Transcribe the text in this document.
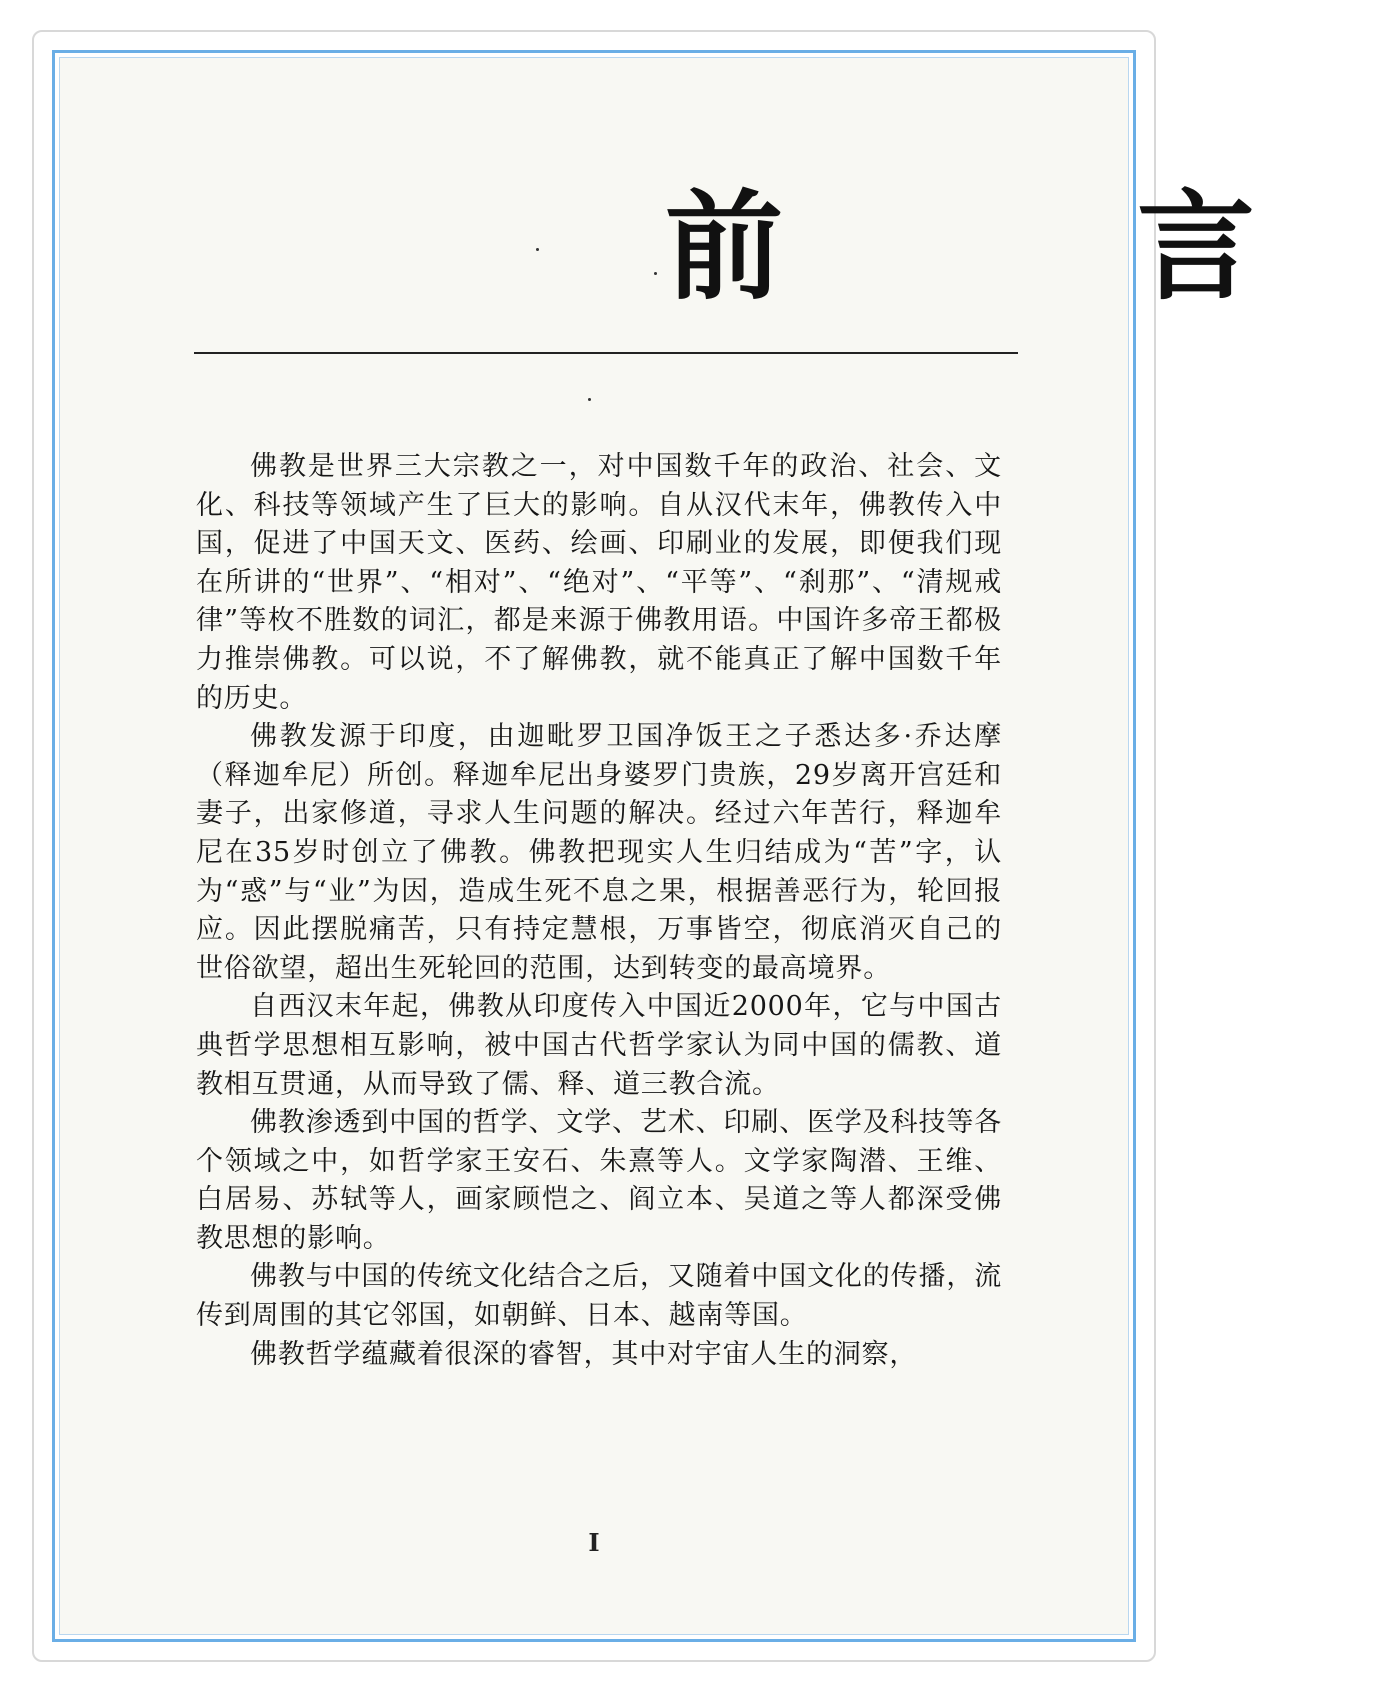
前　言

佛教是世界三大宗教之一，对中国数千年的政治、社会、文化、科技等领域产生了巨大的影响。自从汉代末年，佛教传入中国，促进了中国天文、医药、绘画、印刷业的发展，即便我们现在所讲的“世界”、“相对”、“绝对”、“平等”、“刹那”、“清规戒律”等枚不胜数的词汇，都是来源于佛教用语。中国许多帝王都极力推崇佛教。可以说，不了解佛教，就不能真正了解中国数千年的历史。

佛教发源于印度，由迦毗罗卫国净饭王之子悉达多·乔达摩（释迦牟尼）所创。释迦牟尼出身婆罗门贵族，29岁离开宫廷和妻子，出家修道，寻求人生问题的解决。经过六年苦行，释迦牟尼在35岁时创立了佛教。佛教把现实人生归结成为“苦”字，认为“惑”与“业”为因，造成生死不息之果，根据善恶行为，轮回报应。因此摆脱痛苦，只有持定慧根，万事皆空，彻底消灭自己的世俗欲望，超出生死轮回的范围，达到转变的最高境界。

自西汉末年起，佛教从印度传入中国近2000年，它与中国古典哲学思想相互影响，被中国古代哲学家认为同中国的儒教、道教相互贯通，从而导致了儒、释、道三教合流。

佛教渗透到中国的哲学、文学、艺术、印刷、医学及科技等各个领域之中，如哲学家王安石、朱熹等人。文学家陶潜、王维、白居易、苏轼等人，画家顾恺之、阎立本、吴道之等人都深受佛教思想的影响。

佛教与中国的传统文化结合之后，又随着中国文化的传播，流传到周围的其它邻国，如朝鲜、日本、越南等国。

佛教哲学蕴藏着很深的睿智，其中对宇宙人生的洞察，

I
